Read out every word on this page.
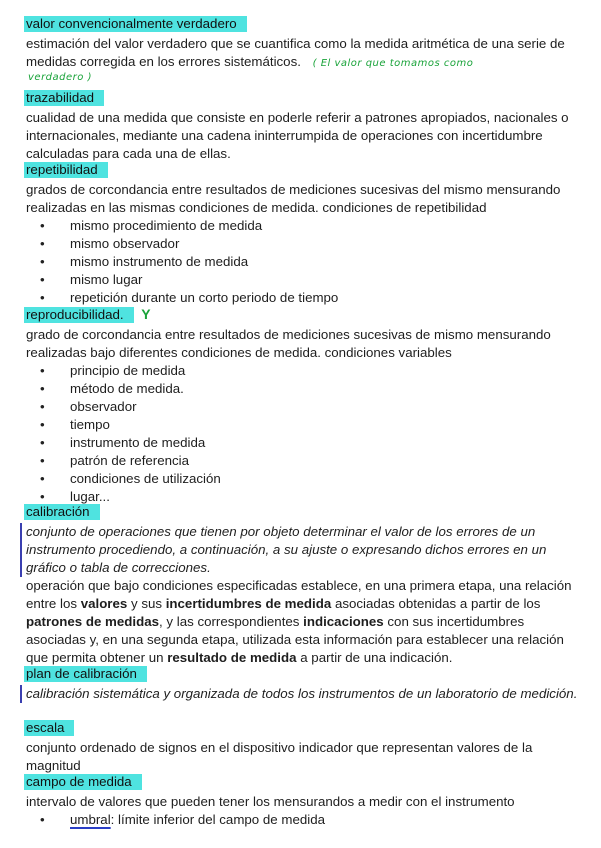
valor convencionalmente verdadero

estimación del valor verdadero que se cuantifica como la medida aritmética de una serie de medidas corregida en los errores sistemáticos. ( El valor que tomamos como

verdadero )
trazabilidad

cualidad de una medida que consiste en poderle referir a patrones apropiados, nacionales o internacionales, mediante una cadena ininterrumpida de operaciones con incertidumbre calculadas para cada una de ellas.

repetibilidad

grados de corcondancia entre resultados de mediciones sucesivas del mismo mensurando realizadas en las mismas condiciones de medida. condiciones de repetibilidad

• mismo procedimiento de medida
• mismo observador
• mismo instrumento de medida
• mismo lugar
• repetición durante un corto periodo de tiempo
reproducibilidad. Y

grado de corcondancia entre resultados de mediciones sucesivas de mismo mensurando realizadas bajo diferentes condiciones de medida. condiciones variables

• principio de medida
• método de medida.
• observador
• tiempo
• instrumento de medida
• patrón de referencia
• condiciones de utilización
• lugar...
calibración

conjunto de operaciones que tienen por objeto determinar el valor de los errores de un instrumento procediendo, a continuación, a su ajuste o expresando dichos errores en un gráfico o tabla de correcciones.

operación que bajo condiciones especificadas establece, en una primera etapa, una relación entre los valores y sus incertidumbres de medida asociadas obtenidas a partir de los patrones de medidas, y las correspondientes indicaciones con sus incertidumbres asociadas y, en una segunda etapa, utilizada esta información para establecer una relación que permita obtener un resultado de medida a partir de una indicación.

plan de calibración

calibración sistemática y organizada de todos los instrumentos de un laboratorio de medición.

escala

conjunto ordenado de signos en el dispositivo indicador que representan valores de la magnitud

campo de medida

intervalo de valores que pueden tener los mensurandos a medir con el instrumento

• umbral: límite inferior del campo de medida
